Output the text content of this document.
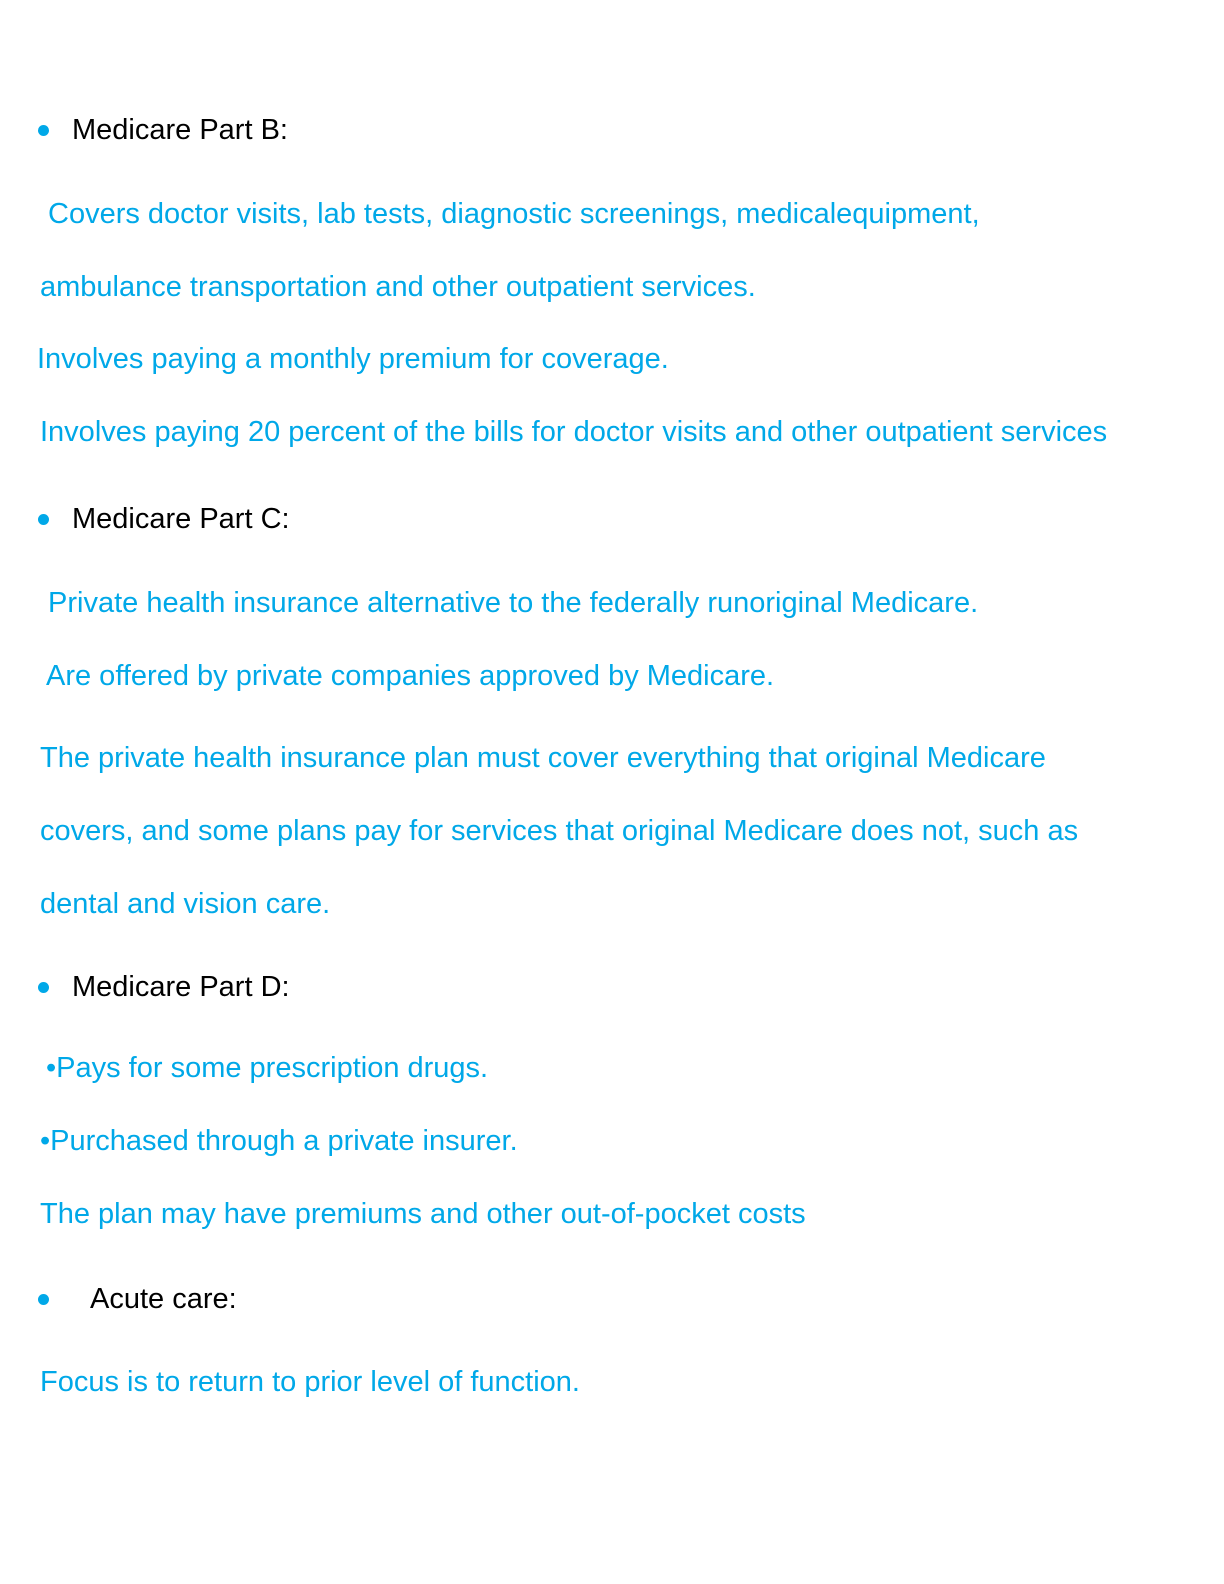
Medicare Part B:
Covers doctor visits, lab tests, diagnostic screenings, medicalequipment,
ambulance transportation and other outpatient services.
Involves paying a monthly premium for coverage.
Involves paying 20 percent of the bills for doctor visits and other outpatient services
Medicare Part C:
Private health insurance alternative to the federally runoriginal Medicare.
Are offered by private companies approved by Medicare.
The private health insurance plan must cover everything that original Medicare
covers, and some plans pay for services that original Medicare does not, such as
dental and vision care.
Medicare Part D:
•Pays for some prescription drugs.
•Purchased through a private insurer.
The plan may have premiums and other out-of-pocket costs
Acute care:
Focus is to return to prior level of function.
